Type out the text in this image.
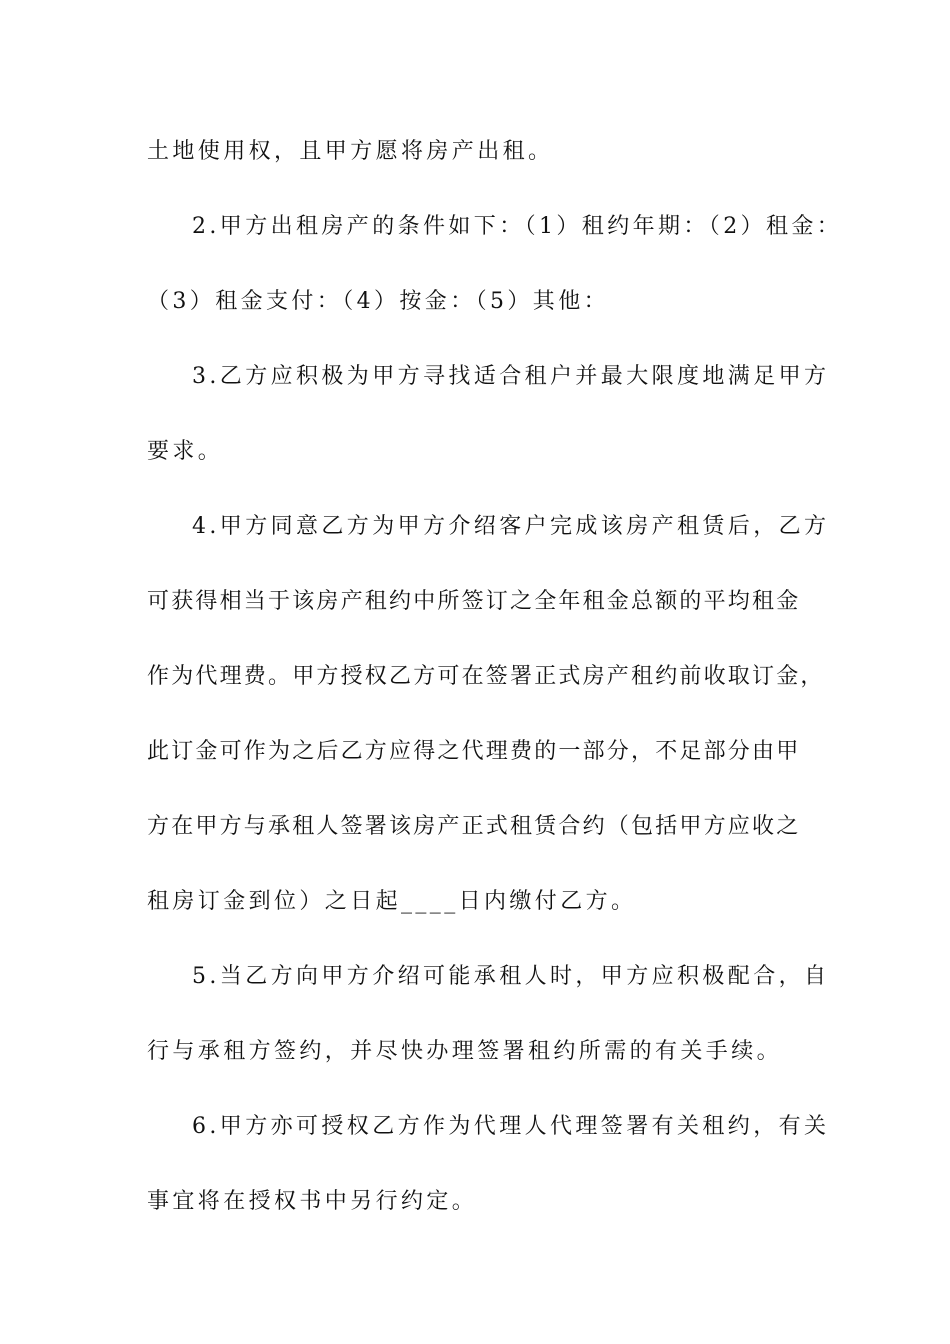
土地使用权，且甲方愿将房产出租。
2.甲方出租房产的条件如下：（1）租约年期：（2）租金：
（3）租金支付：（4）按金：（5）其他：
3.乙方应积极为甲方寻找适合租户并最大限度地满足甲方
要求。
4.甲方同意乙方为甲方介绍客户完成该房产租赁后，乙方
可获得相当于该房产租约中所签订之全年租金总额的平均租金
作为代理费。甲方授权乙方可在签署正式房产租约前收取订金，
此订金可作为之后乙方应得之代理费的一部分，不足部分由甲
方在甲方与承租人签署该房产正式租赁合约（包括甲方应收之
租房订金到位）之日起____日内缴付乙方。
5.当乙方向甲方介绍可能承租人时，甲方应积极配合，自
行与承租方签约，并尽快办理签署租约所需的有关手续。
6.甲方亦可授权乙方作为代理人代理签署有关租约，有关
事宜将在授权书中另行约定。
